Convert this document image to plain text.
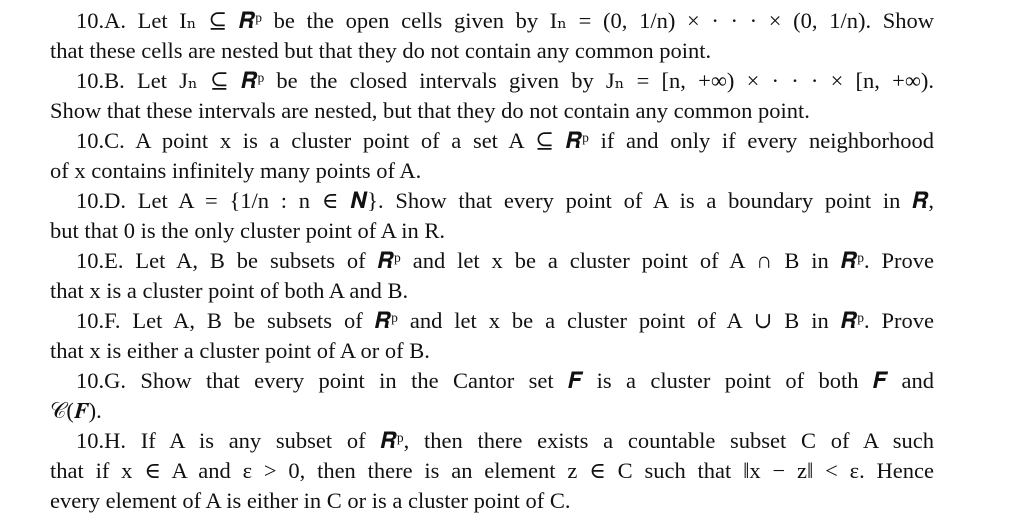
10.A. Let Iₙ ⊆ 𝑹ᵖ be the open cells given by Iₙ = (0, 1/n) × · · · × (0, 1/n). Show
that these cells are nested but that they do not contain any common point.
10.B. Let Jₙ ⊆ 𝑹ᵖ be the closed intervals given by Jₙ = [n, +∞) × · · · × [n, +∞).
Show that these intervals are nested, but that they do not contain any common point.
10.C. A point x is a cluster point of a set A ⊆ 𝑹ᵖ if and only if every neighborhood
of x contains infinitely many points of A.
10.D. Let A = {1/n : n ∈ 𝑵}. Show that every point of A is a boundary point in 𝑹,
but that 0 is the only cluster point of A in R.
10.E. Let A, B be subsets of 𝑹ᵖ and let x be a cluster point of A ∩ B in 𝑹ᵖ. Prove
that x is a cluster point of both A and B.
10.F. Let A, B be subsets of 𝑹ᵖ and let x be a cluster point of A ∪ B in 𝑹ᵖ. Prove
that x is either a cluster point of A or of B.
10.G. Show that every point in the Cantor set 𝑭 is a cluster point of both 𝑭 and
𝒞(𝑭).
10.H. If A is any subset of 𝑹ᵖ, then there exists a countable subset C of A such
that if x ∈ A and ε > 0, then there is an element z ∈ C such that ‖x − z‖ < ε. Hence
every element of A is either in C or is a cluster point of C.
